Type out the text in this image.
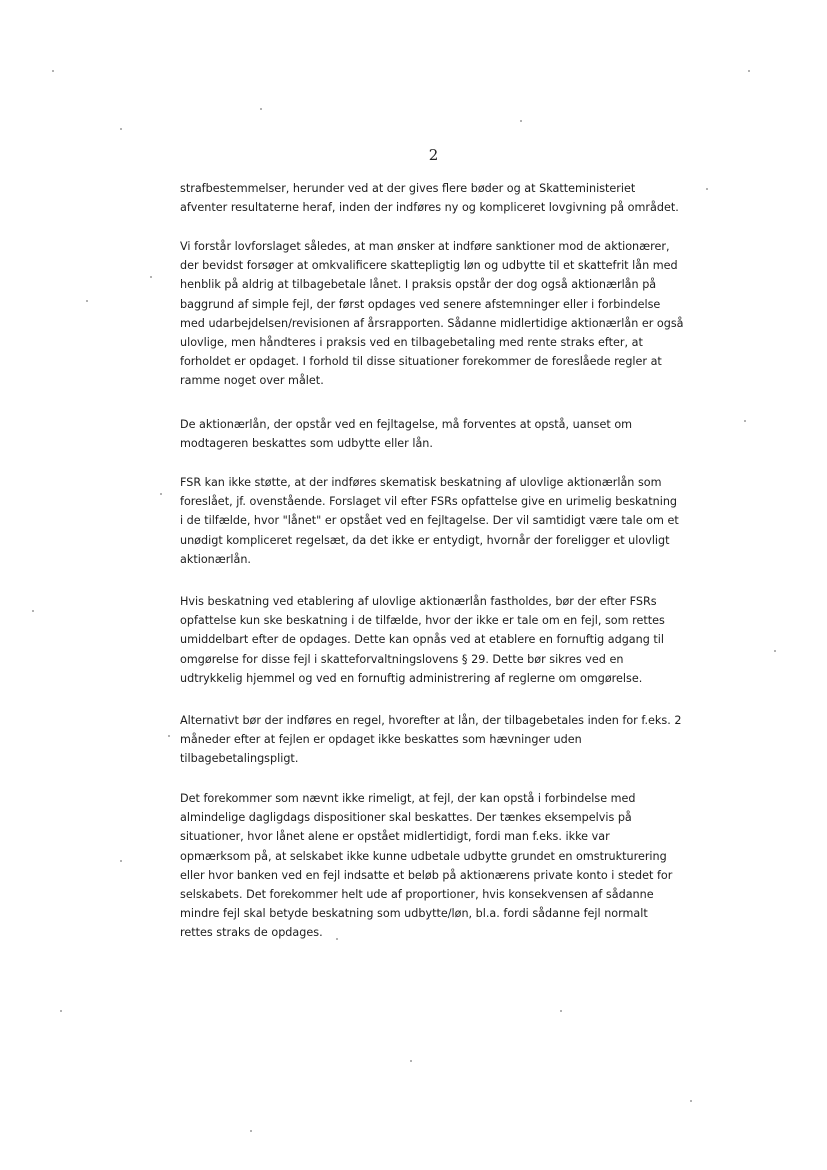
2
strafbestemmelser, herunder ved at der gives flere bøder og at Skatteministeriet
afventer resultaterne heraf, inden der indføres ny og kompliceret lovgivning på området.
Vi forstår lovforslaget således, at man ønsker at indføre sanktioner mod de aktionærer,
der bevidst forsøger at omkvalificere skattepligtig løn og udbytte til et skattefrit lån med
henblik på aldrig at tilbagebetale lånet. I praksis opstår der dog også aktionærlån på
baggrund af simple fejl, der først opdages ved senere afstemninger eller i forbindelse
med udarbejdelsen/revisionen af årsrapporten. Sådanne midlertidige aktionærlån er også
ulovlige, men håndteres i praksis ved en tilbagebetaling med rente straks efter, at
forholdet er opdaget. I forhold til disse situationer forekommer de foreslåede regler at
ramme noget over målet.
De aktionærlån, der opstår ved en fejltagelse, må forventes at opstå, uanset om
modtageren beskattes som udbytte eller lån.
FSR kan ikke støtte, at der indføres skematisk beskatning af ulovlige aktionærlån som
foreslået, jf. ovenstående. Forslaget vil efter FSRs opfattelse give en urimelig beskatning
i de tilfælde, hvor "lånet" er opstået ved en fejltagelse. Der vil samtidigt være tale om et
unødigt kompliceret regelsæt, da det ikke er entydigt, hvornår der foreligger et ulovligt
aktionærlån.
Hvis beskatning ved etablering af ulovlige aktionærlån fastholdes, bør der efter FSRs
opfattelse kun ske beskatning i de tilfælde, hvor der ikke er tale om en fejl, som rettes
umiddelbart efter de opdages. Dette kan opnås ved at etablere en fornuftig adgang til
omgørelse for disse fejl i skatteforvaltningslovens § 29. Dette bør sikres ved en
udtrykkelig hjemmel og ved en fornuftig administrering af reglerne om omgørelse.
Alternativt bør der indføres en regel, hvorefter at lån, der tilbagebetales inden for f.eks. 2
måneder efter at fejlen er opdaget ikke beskattes som hævninger uden
tilbagebetalingspligt.
Det forekommer som nævnt ikke rimeligt, at fejl, der kan opstå i forbindelse med
almindelige dagligdags dispositioner skal beskattes. Der tænkes eksempelvis på
situationer, hvor lånet alene er opstået midlertidigt, fordi man f.eks. ikke var
opmærksom på, at selskabet ikke kunne udbetale udbytte grundet en omstrukturering
eller hvor banken ved en fejl indsatte et beløb på aktionærens private konto i stedet for
selskabets. Det forekommer helt ude af proportioner, hvis konsekvensen af sådanne
mindre fejl skal betyde beskatning som udbytte/løn, bl.a. fordi sådanne fejl normalt
rettes straks de opdages.
